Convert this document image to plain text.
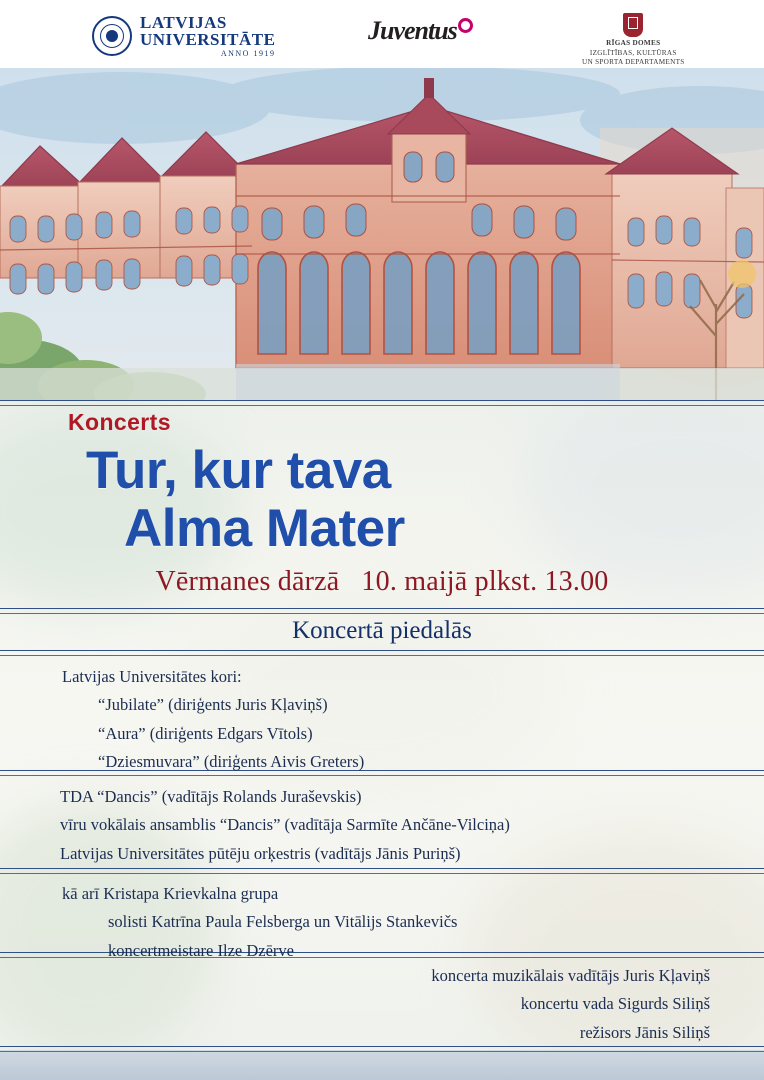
LATVIJAS
UNIVERSITĀTE
ANNO 1919
Juventus	RĪGAS DOMES
IZGLĪTĪBAS, KULTŪRAS
UN SPORTA DEPARTAMENTS
Koncerts
Tur, kur tava
Alma Mater
Vērmanes dārzā 10. maijā plkst. 13.00
Koncertā piedalās
Latvijas Universitātes kori:
“Jubilate” (diriģents Juris Kļaviņš)
“Aura” (diriģents Edgars Vītols)
“Dziesmuvara” (diriģents Aivis Greters)
TDA “Dancis” (vadītājs Rolands Juraševskis)
vīru vokālais ansamblis “Dancis” (vadītāja Sarmīte Ančāne-Vilciņa)
Latvijas Universitātes pūtēju orķestris (vadītājs Jānis Puriņš)
kā arī Kristapa Krievkalna grupa
solisti Katrīna Paula Felsberga un Vitālijs Stankevičs
koncertmeistare Ilze Dzērve
koncerta muzikālais vadītājs Juris Kļaviņš
koncertu vada Sigurds Siliņš
režisors Jānis Siliņš
